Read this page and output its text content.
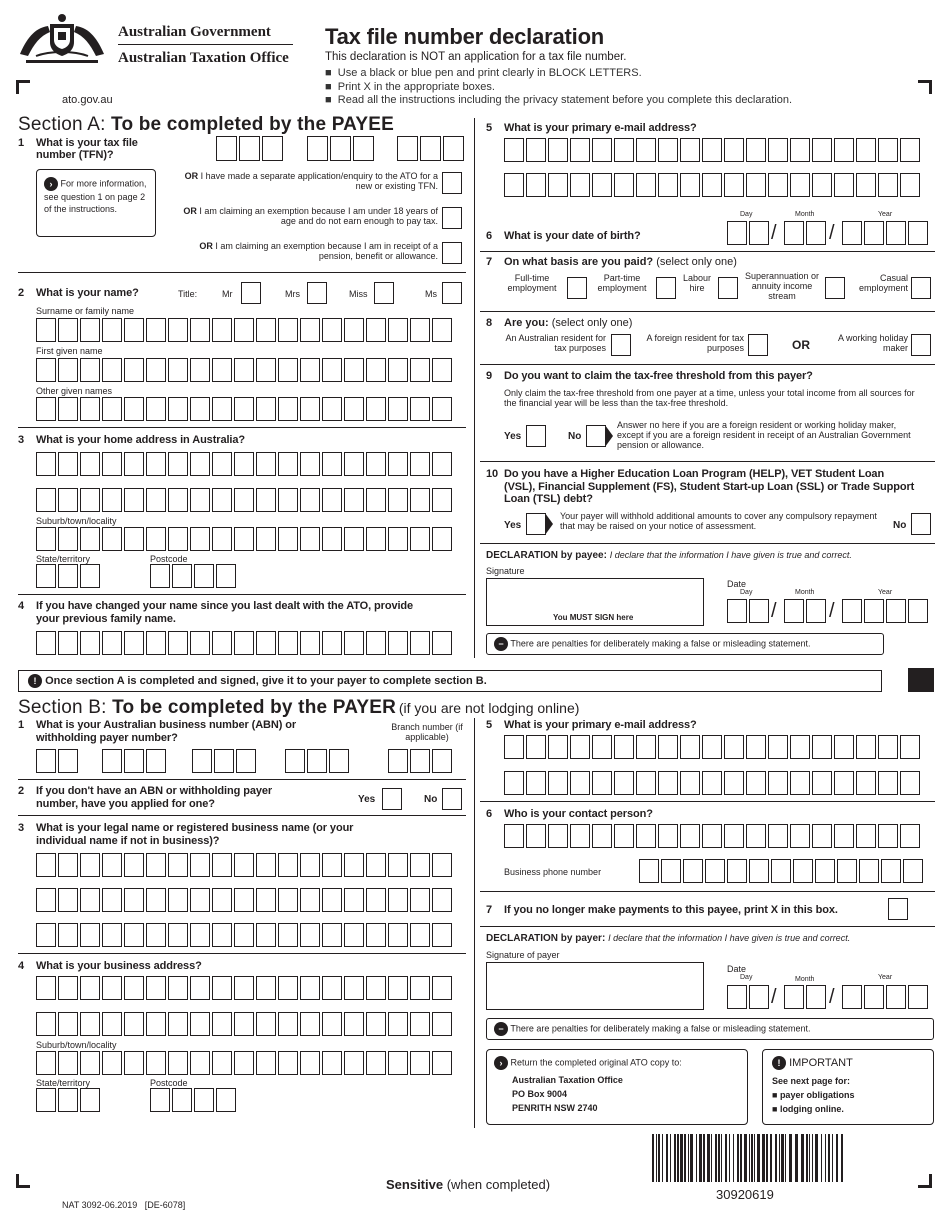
Australian Government
Australian Taxation Office
ato.gov.au
Tax file number declaration
This declaration is NOT an application for a tax file number.
■  Use a black or blue pen and print clearly in BLOCK LETTERS.
■  Print X in the appropriate boxes.
■  Read all the instructions including the privacy statement before you complete this declaration.
Section A: To be completed by the PAYEE
1 What is your tax file number (TFN)?
› For more information, see question 1 on page 2 of the instructions.
OR I have made a separate application/enquiry to the ATO for a new or existing TFN.
OR I am claiming an exemption because I am under 18 years of age and do not earn enough to pay tax.
OR I am claiming an exemption because I am in receipt of a pension, benefit or allowance.
2 What is your name?	Title:	Mr	Mrs	Miss	Ms
Surname or family name
First given name
Other given names
3 What is your home address in Australia?
Suburb/town/locality
State/territory	Postcode
4 If you have changed your name since you last dealt with the ATO, provide your previous family name.
5 What is your primary e-mail address?
6 What is your date of birth?
Day	Month	Year
/	/
7 On what basis are you paid? (select only one)
Full-time employment
Part-time employment
Labour hire
Superannuation or annuity income stream
Casual employment
8 Are you: (select only one)
An Australian resident for tax purposes
A foreign resident for tax purposes	OR	A working holiday maker
9 Do you want to claim the tax-free threshold from this payer?
Only claim the tax-free threshold from one payer at a time, unless your total income from all sources for the financial year will be less than the tax-free threshold.
Yes	No
Answer no here if you are a foreign resident or working holiday maker, except if you are a foreign resident in receipt of an Australian Government pension or allowance.
10 Do you have a Higher Education Loan Program (HELP), VET Student Loan (VSL), Financial Supplement (FS), Student Start-up Loan (SSL) or Trade Support Loan (TSL) debt?
Yes
Your payer will withhold additional amounts to cover any compulsory repayment that may be raised on your notice of assessment.	No
DECLARATION by payee: I declare that the information I have given is true and correct.
Signature
You MUST SIGN here
Date
Day	Month	Year
/	/
− There are penalties for deliberately making a false or misleading statement.
! Once section A is completed and signed, give it to your payer to complete section B.
Section B: To be completed by the PAYER (if you are not lodging online)
1 What is your Australian business number (ABN) or withholding payer number?
Branch number (if applicable)
2 If you don't have an ABN or withholding payer number, have you applied for one?	Yes	No
3 What is your legal name or registered business name (or your individual name if not in business)?
4 What is your business address?
Suburb/town/locality
State/territory	Postcode
5 What is your primary e-mail address?
6 Who is your contact person?
Business phone number
7 If you no longer make payments to this payee, print X in this box.
DECLARATION by payer: I declare that the information I have given is true and correct.
Signature of payer
Date
Day	Month	Year
/	/
− There are penalties for deliberately making a false or misleading statement.
› Return the completed original ATO copy to:
Australian Taxation Office
PO Box 9004
PENRITH NSW 2740
! IMPORTANT
See next page for:
■ payer obligations
■ lodging online.
Sensitive (when completed)
NAT 3092-06.2019 [DE-6078]
30920619
